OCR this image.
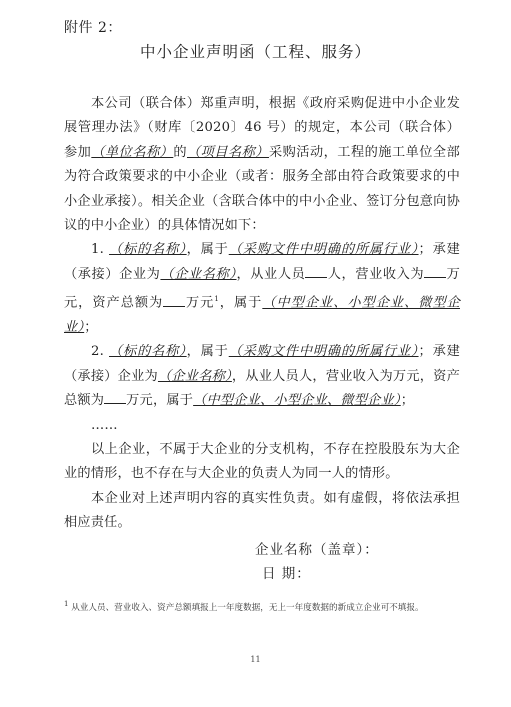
附件 2：
中小企业声明函（工程、服务）

本公司（联合体）郑重声明，根据《政府采购促进中小企业发展管理办法》（财库〔2020〕46 号）的规定，本公司（联合体）参加（单位名称）的（项目名称）采购活动，工程的施工单位全部为符合政策要求的中小企业（或者：服务全部由符合政策要求的中小企业承接）。相关企业（含联合体中的中小企业、签订分包意向协议的中小企业）的具体情况如下：

1. （标的名称），属于（采购文件中明确的所属行业）；承建（承接）企业为（企业名称），从业人员 人，营业收入为 万元，资产总额为 万元$^1$，属于（中型企业、小型企业、微型企业）；

2. （标的名称），属于（采购文件中明确的所属行业）；承建（承接）企业为（企业名称），从业人员人，营业收入为万元，资产总额为 万元，属于（中型企业、小型企业、微型企业）；

……

以上企业，不属于大企业的分支机构，不存在控股股东为大企业的情形，也不存在与大企业的负责人为同一人的情形。

本企业对上述声明内容的真实性负责。如有虚假，将依法承担相应责任。

企业名称（盖章）：
日 期：
$^1$ 从业人员、营业收入、资产总额填报上一年度数据，无上一年度数据的新成立企业可不填报。
11
